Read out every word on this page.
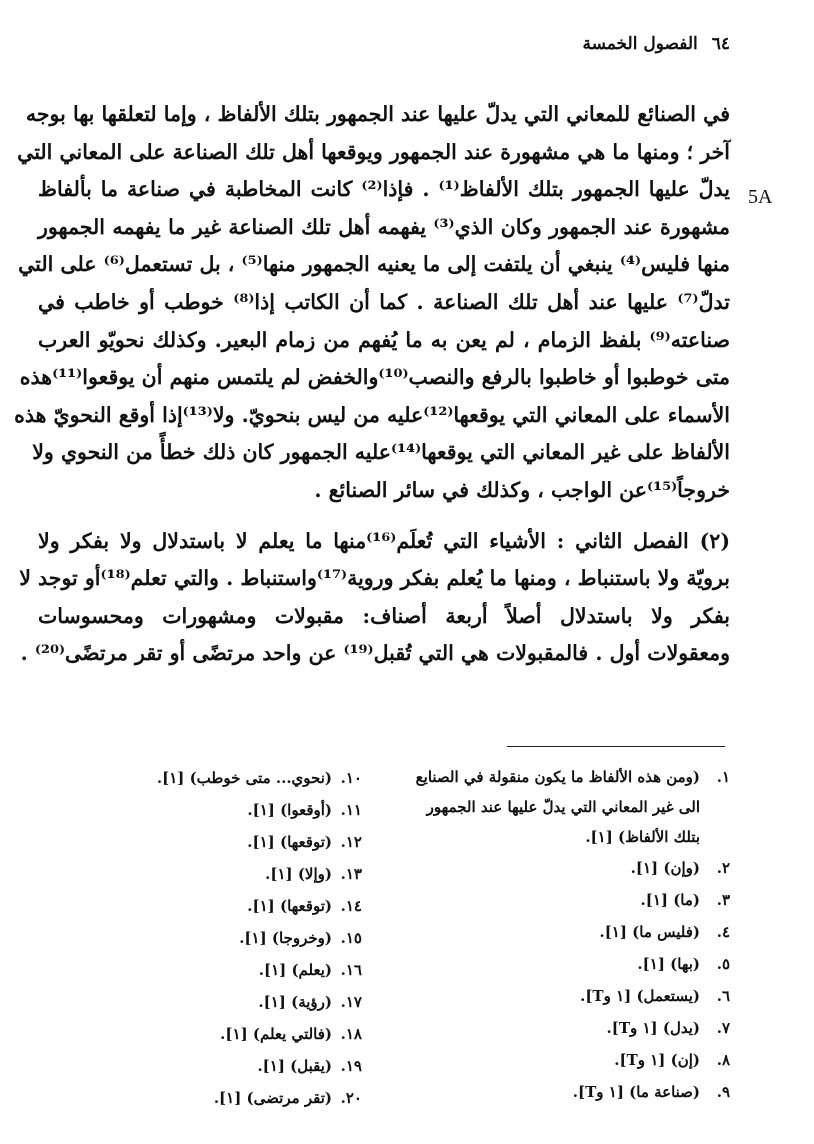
٦٤
الفصول الخمسة
5A

في الصنائع للمعاني التي يدلّ عليها عند الجمهور بتلك الألفاظ ، وإما لتعلقها بها بوجه
آخر ؛ ومنها ما هي مشهورة عند الجمهور ويوقعها أهل تلك الصناعة على المعاني التي
يدلّ عليها الجمهور بتلك الألفاظ⁽¹⁾ . فإذا⁽²⁾ كانت المخاطبة في صناعة ما بألفاظ
مشهورة عند الجمهور وكان الذي⁽³⁾ يفهمه أهل تلك الصناعة غير ما يفهمه الجمهور
منها فليس⁽⁴⁾ ينبغي أن يلتفت إلى ما يعنيه الجمهور منها⁽⁵⁾ ، بل تستعمل⁽⁶⁾ على التي
تدلّ⁽⁷⁾ عليها عند أهل تلك الصناعة . كما أن الكاتب إذا⁽⁸⁾ خوطب أو خاطب في
صناعته⁽⁹⁾ بلفظ الزمام ، لم يعن به ما يُفهم من زمام البعير. وكذلك نحويّو العرب
متى خوطبوا أو خاطبوا بالرفع والنصب⁽¹⁰⁾والخفض لم يلتمس منهم أن يوقعوا⁽¹¹⁾هذه
الأسماء على المعاني التي يوقعها⁽¹²⁾عليه من ليس بنحويّ. ولا⁽¹³⁾إذا أوقع النحويّ هذه
الألفاظ على غير المعاني التي يوقعها⁽¹⁴⁾عليه الجمهور كان ذلك خطأً من النحوي ولا
خروجاً⁽¹⁵⁾عن الواجب ، وكذلك في سائر الصنائع .

(٢) الفصل الثاني : الأشياء التي تُعلَم⁽¹⁶⁾منها ما يعلم لا باستدلال ولا بفكر ولا
برويّة ولا باستنباط ، ومنها ما يُعلم بفكر وروية⁽¹⁷⁾واستنباط . والتي تعلم⁽¹⁸⁾أو توجد لا
بفكر ولا باستدلال أصلاً أربعة أصناف: مقبولات ومشهورات ومحسوسات
ومعقولات أول . فالمقبولات هي التي تُقبل⁽¹⁹⁾ عن واحد مرتضًى أو تقر مرتضًى⁽²⁰⁾ .

١.
(ومن هذه الألفاظ ما يكون منقولة في الصنايع الى غير المعاني التي يدلّ عليها عند الجمهور بتلك الألفاظ) [١].
٢.
(وإن) [١].
٣.
(ما) [١].
٤.
(فليس ما) [١].
٥.
(بها) [١].
٦.
(يستعمل) [١ وT].
٧.
(يدل) [١ وT].
٨.
(إن) [١ وT].
٩.
(صناعة ما) [١ وT].
١٠.
(نحوي... متى خوطب) [١].
١١.
(أوقعوا) [١].
١٢.
(توقعها) [١].
١٣.
(وإلا) [١].
١٤.
(توقعها) [١].
١٥.
(وخروجا) [١].
١٦.
(يعلم) [١].
١٧.
(رؤية) [١].
١٨.
(فالتي يعلم) [١].
١٩.
(يقبل) [١].
٢٠.
(تقر مرتضى) [١].
